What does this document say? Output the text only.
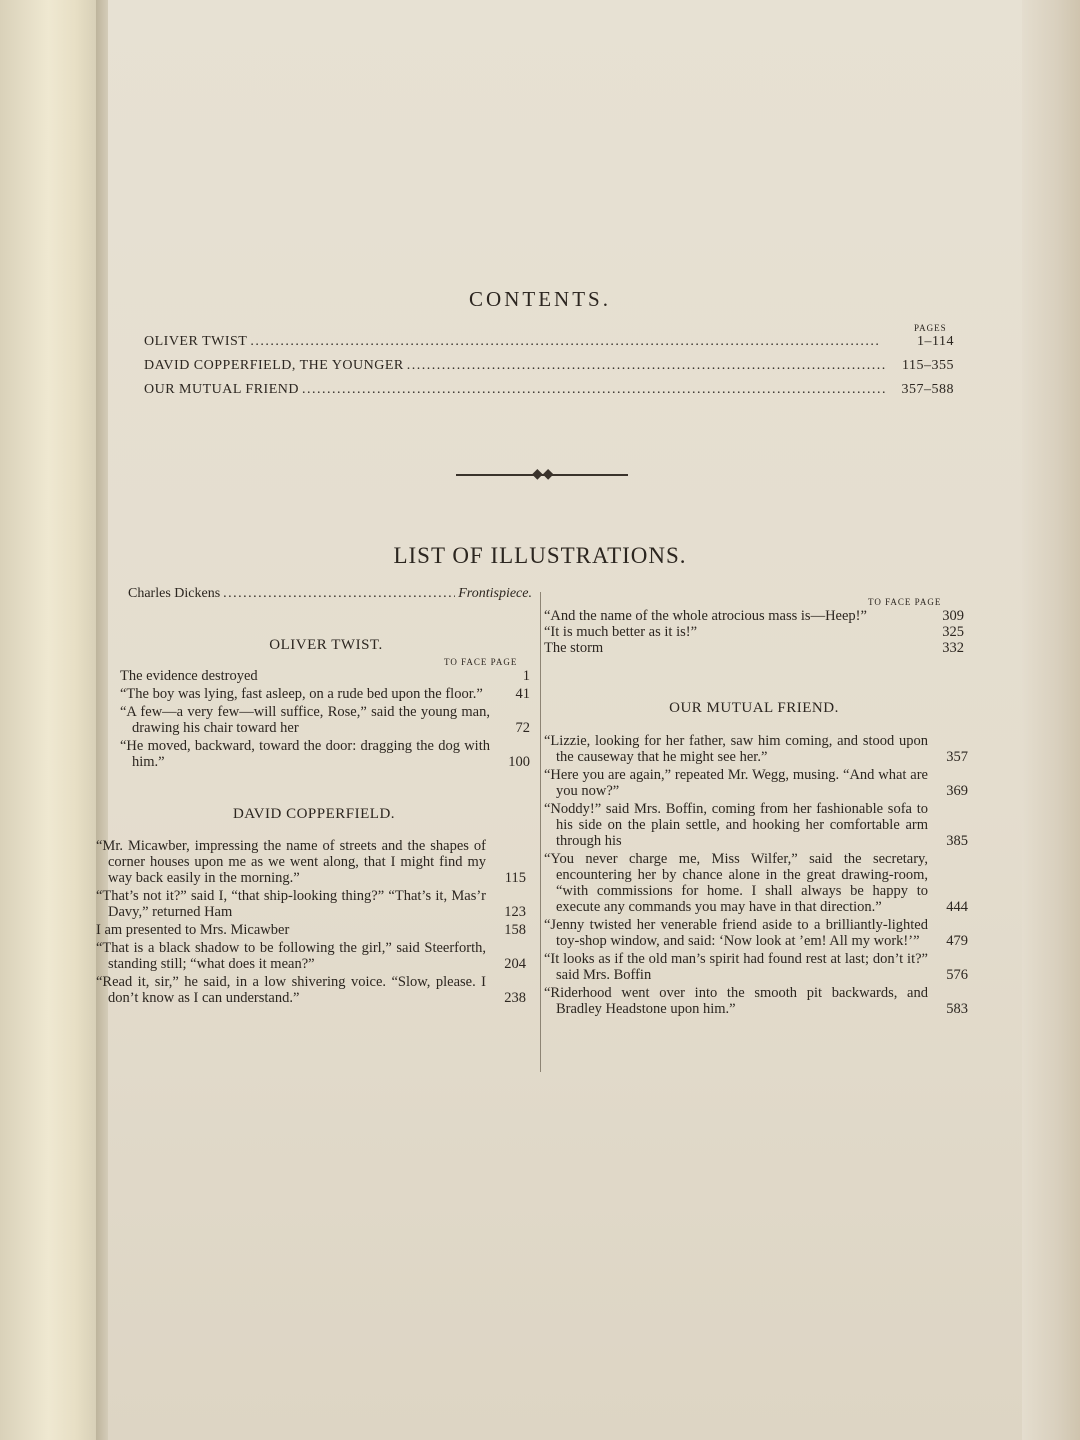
CONTENTS.
PAGES
OLIVER TWIST . . .	1–114
DAVID COPPERFIELD, THE YOUNGER . . .	115–355
OUR MUTUAL FRIEND . . .	357–588
◆◆
LIST OF ILLUSTRATIONS.
Charles Dickens . . .	Frontispiece.
OLIVER TWIST.
TO FACE PAGE
The evidence destroyed	1
“The boy was lying, fast asleep, on a rude bed upon the floor.”	41
“A few—a very few—will suffice, Rose,” said the young man, drawing his chair toward her	72
“He moved, backward, toward the door: dragging the dog with him.”	100
DAVID COPPERFIELD.
“Mr. Micawber, impressing the name of streets and the shapes of corner houses upon me as we went along, that I might find my way back easily in the morning.”	115
“That’s not it?” said I, “that ship-looking thing?” “That’s it, Mas’r Davy,” returned Ham	123
I am presented to Mrs. Micawber	158
“That is a black shadow to be following the girl,” said Steerforth, standing still; “what does it mean?”	204
“Read it, sir,” he said, in a low shivering voice. “Slow, please. I don’t know as I can understand.”	238
TO FACE PAGE
“And the name of the whole atrocious mass is—Heep!”	309
“It is much better as it is!”	325
The storm	332
OUR MUTUAL FRIEND.
“Lizzie, looking for her father, saw him coming, and stood upon the causeway that he might see her.”	357
“Here you are again,” repeated Mr. Wegg, musing. “And what are you now?”	369
“Noddy!” said Mrs. Boffin, coming from her fashionable sofa to his side on the plain settle, and hooking her comfortable arm through his	385
“You never charge me, Miss Wilfer,” said the secretary, encountering her by chance alone in the great drawing-room, “with commissions for home. I shall always be happy to execute any commands you may have in that direction.”	444
“Jenny twisted her venerable friend aside to a brilliantly-lighted toy-shop window, and said: ‘Now look at ’em! All my work!’”	479
“It looks as if the old man’s spirit had found rest at last; don’t it?” said Mrs. Boffin	576
“Riderhood went over into the smooth pit backwards, and Bradley Headstone upon him.”	583
